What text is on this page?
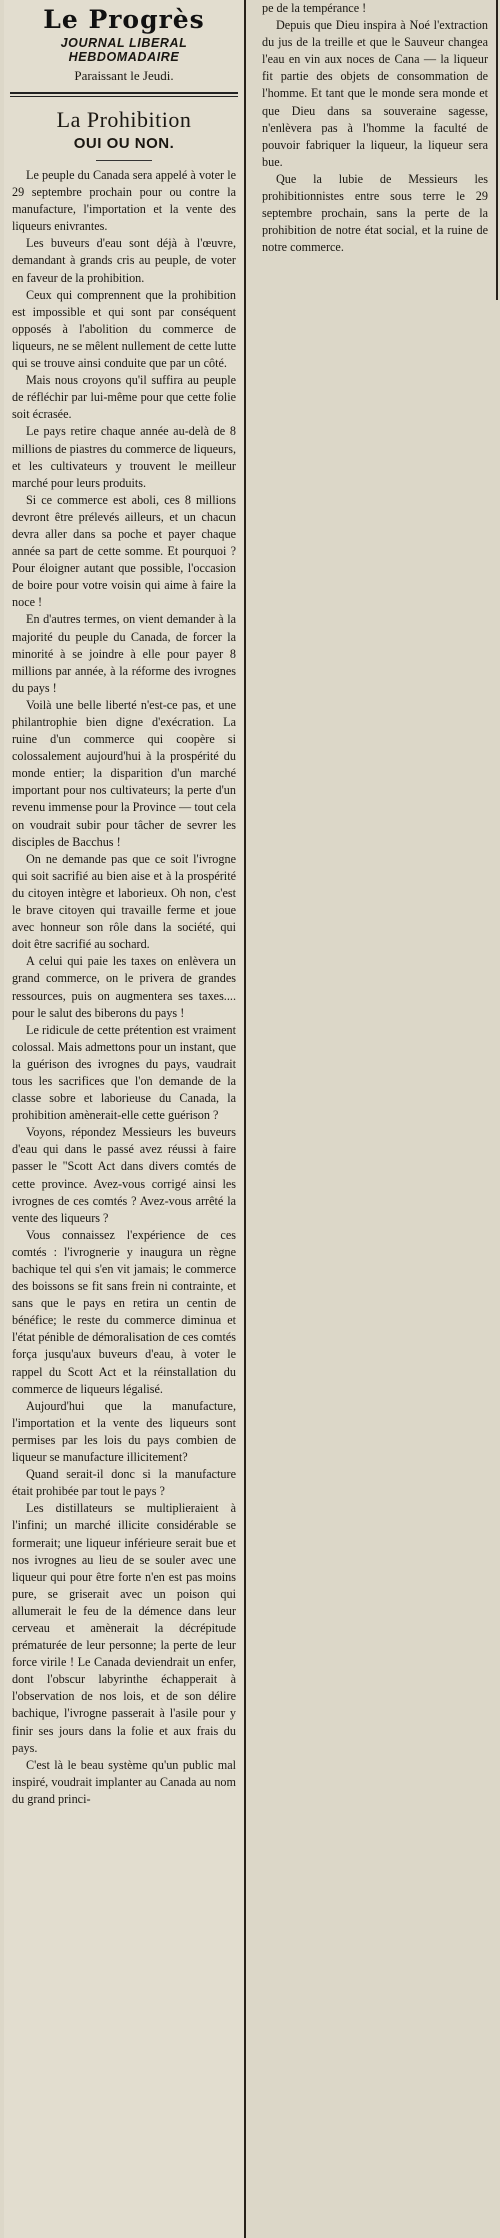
Le Progrès
JOURNAL LIBERAL HEBDOMADAIRE
Paraissant le Jeudi.
La Prohibition
OUI OU NON.

Le peuple du Canada sera appelé à voter le 29 septembre prochain pour ou contre la manufacture, l'importation et la vente des liqueurs enivrantes.

Les buveurs d'eau sont déjà à l'œuvre, demandant à grands cris au peuple, de voter en faveur de la prohibition.

Ceux qui comprennent que la prohibition est impossible et qui sont par conséquent opposés à l'abolition du commerce de liqueurs, ne se mêlent nullement de cette lutte qui se trouve ainsi conduite que par un côté.

Mais nous croyons qu'il suffira au peuple de réfléchir par lui-même pour que cette folie soit écrasée.

Le pays retire chaque année au-delà de 8 millions de piastres du commerce de liqueurs, et les cultivateurs y trouvent le meilleur marché pour leurs produits.

Si ce commerce est aboli, ces 8 millions devront être prélevés ailleurs, et un chacun devra aller dans sa poche et payer chaque année sa part de cette somme. Et pourquoi ? Pour éloigner autant que possible, l'occasion de boire pour votre voisin qui aime à faire la noce !

En d'autres termes, on vient demander à la majorité du peuple du Canada, de forcer la minorité à se joindre à elle pour payer 8 millions par année, à la réforme des ivrognes du pays !

Voilà une belle liberté n'est-ce pas, et une philantrophie bien digne d'exécration. La ruine d'un commerce qui coopère si colossalement aujourd'hui à la prospérité du monde entier; la disparition d'un marché important pour nos cultivateurs; la perte d'un revenu immense pour la Province — tout cela on voudrait subir pour tâcher de sevrer les disciples de Bacchus !

On ne demande pas que ce soit l'ivrogne qui soit sacrifié au bien aise et à la prospérité du citoyen intègre et laborieux. Oh non, c'est le brave citoyen qui travaille ferme et joue avec honneur son rôle dans la société, qui doit être sacrifié au sochard.

A celui qui paie les taxes on enlèvera un grand commerce, on le privera de grandes ressources, puis on augmentera ses taxes.... pour le salut des biberons du pays !

Le ridicule de cette prétention est vraiment colossal. Mais admettons pour un instant, que la guérison des ivrognes du pays, vaudrait tous les sacrifices que l'on demande de la classe sobre et laborieuse du Canada, la prohibition amènerait-elle cette guérison ?

Voyons, répondez Messieurs les buveurs d'eau qui dans le passé avez réussi à faire passer le "Scott Act dans divers comtés de cette province. Avez-vous corrigé ainsi les ivrognes de ces comtés ? Avez-vous arrêté la vente des liqueurs ?

Vous connaissez l'expérience de ces comtés : l'ivrognerie y inaugura un règne bachique tel qui s'en vit jamais; le commerce des boissons se fit sans frein ni contrainte, et sans que le pays en retira un centin de bénéfice; le reste du commerce diminua et l'état pénible de démoralisation de ces comtés força jusqu'aux buveurs d'eau, à voter le rappel du Scott Act et la réinstallation du commerce de liqueurs légalisé.

Aujourd'hui que la manufacture, l'importation et la vente des liqueurs sont permises par les lois du pays combien de liqueur se manufacture illicitement?

Quand serait-il donc si la manufacture était prohibée par tout le pays ?

Les distillateurs se multiplieraient à l'infini; un marché illicite considérable se formerait; une liqueur inférieure serait bue et nos ivrognes au lieu de se souler avec une liqueur qui pour être forte n'en est pas moins pure, se griserait avec un poison qui allumerait le feu de la démence dans leur cerveau et amènerait la décrépitude prématurée de leur personne; la perte de leur force virile ! Le Canada deviendrait un enfer, dont l'obscur labyrinthe échapperait à l'observation de nos lois, et de son délire bachique, l'ivrogne passerait à l'asile pour y finir ses jours dans la folie et aux frais du pays.

C'est là le beau système qu'un public mal inspiré, voudrait implanter au Canada au nom du grand princi-

pe de la tempérance !

Depuis que Dieu inspira à Noé l'extraction du jus de la treille et que le Sauveur changea l'eau en vin aux noces de Cana — la liqueur fit partie des objets de consommation de l'homme. Et tant que le monde sera monde et que Dieu dans sa souveraine sagesse, n'enlèvera pas à l'homme la faculté de pouvoir fabriquer la liqueur, la liqueur sera bue.

Que la lubie de Messieurs les prohibitionnistes entre sous terre le 29 septembre prochain, sans la perte de la prohibition de notre état social, et la ruine de notre commerce.
